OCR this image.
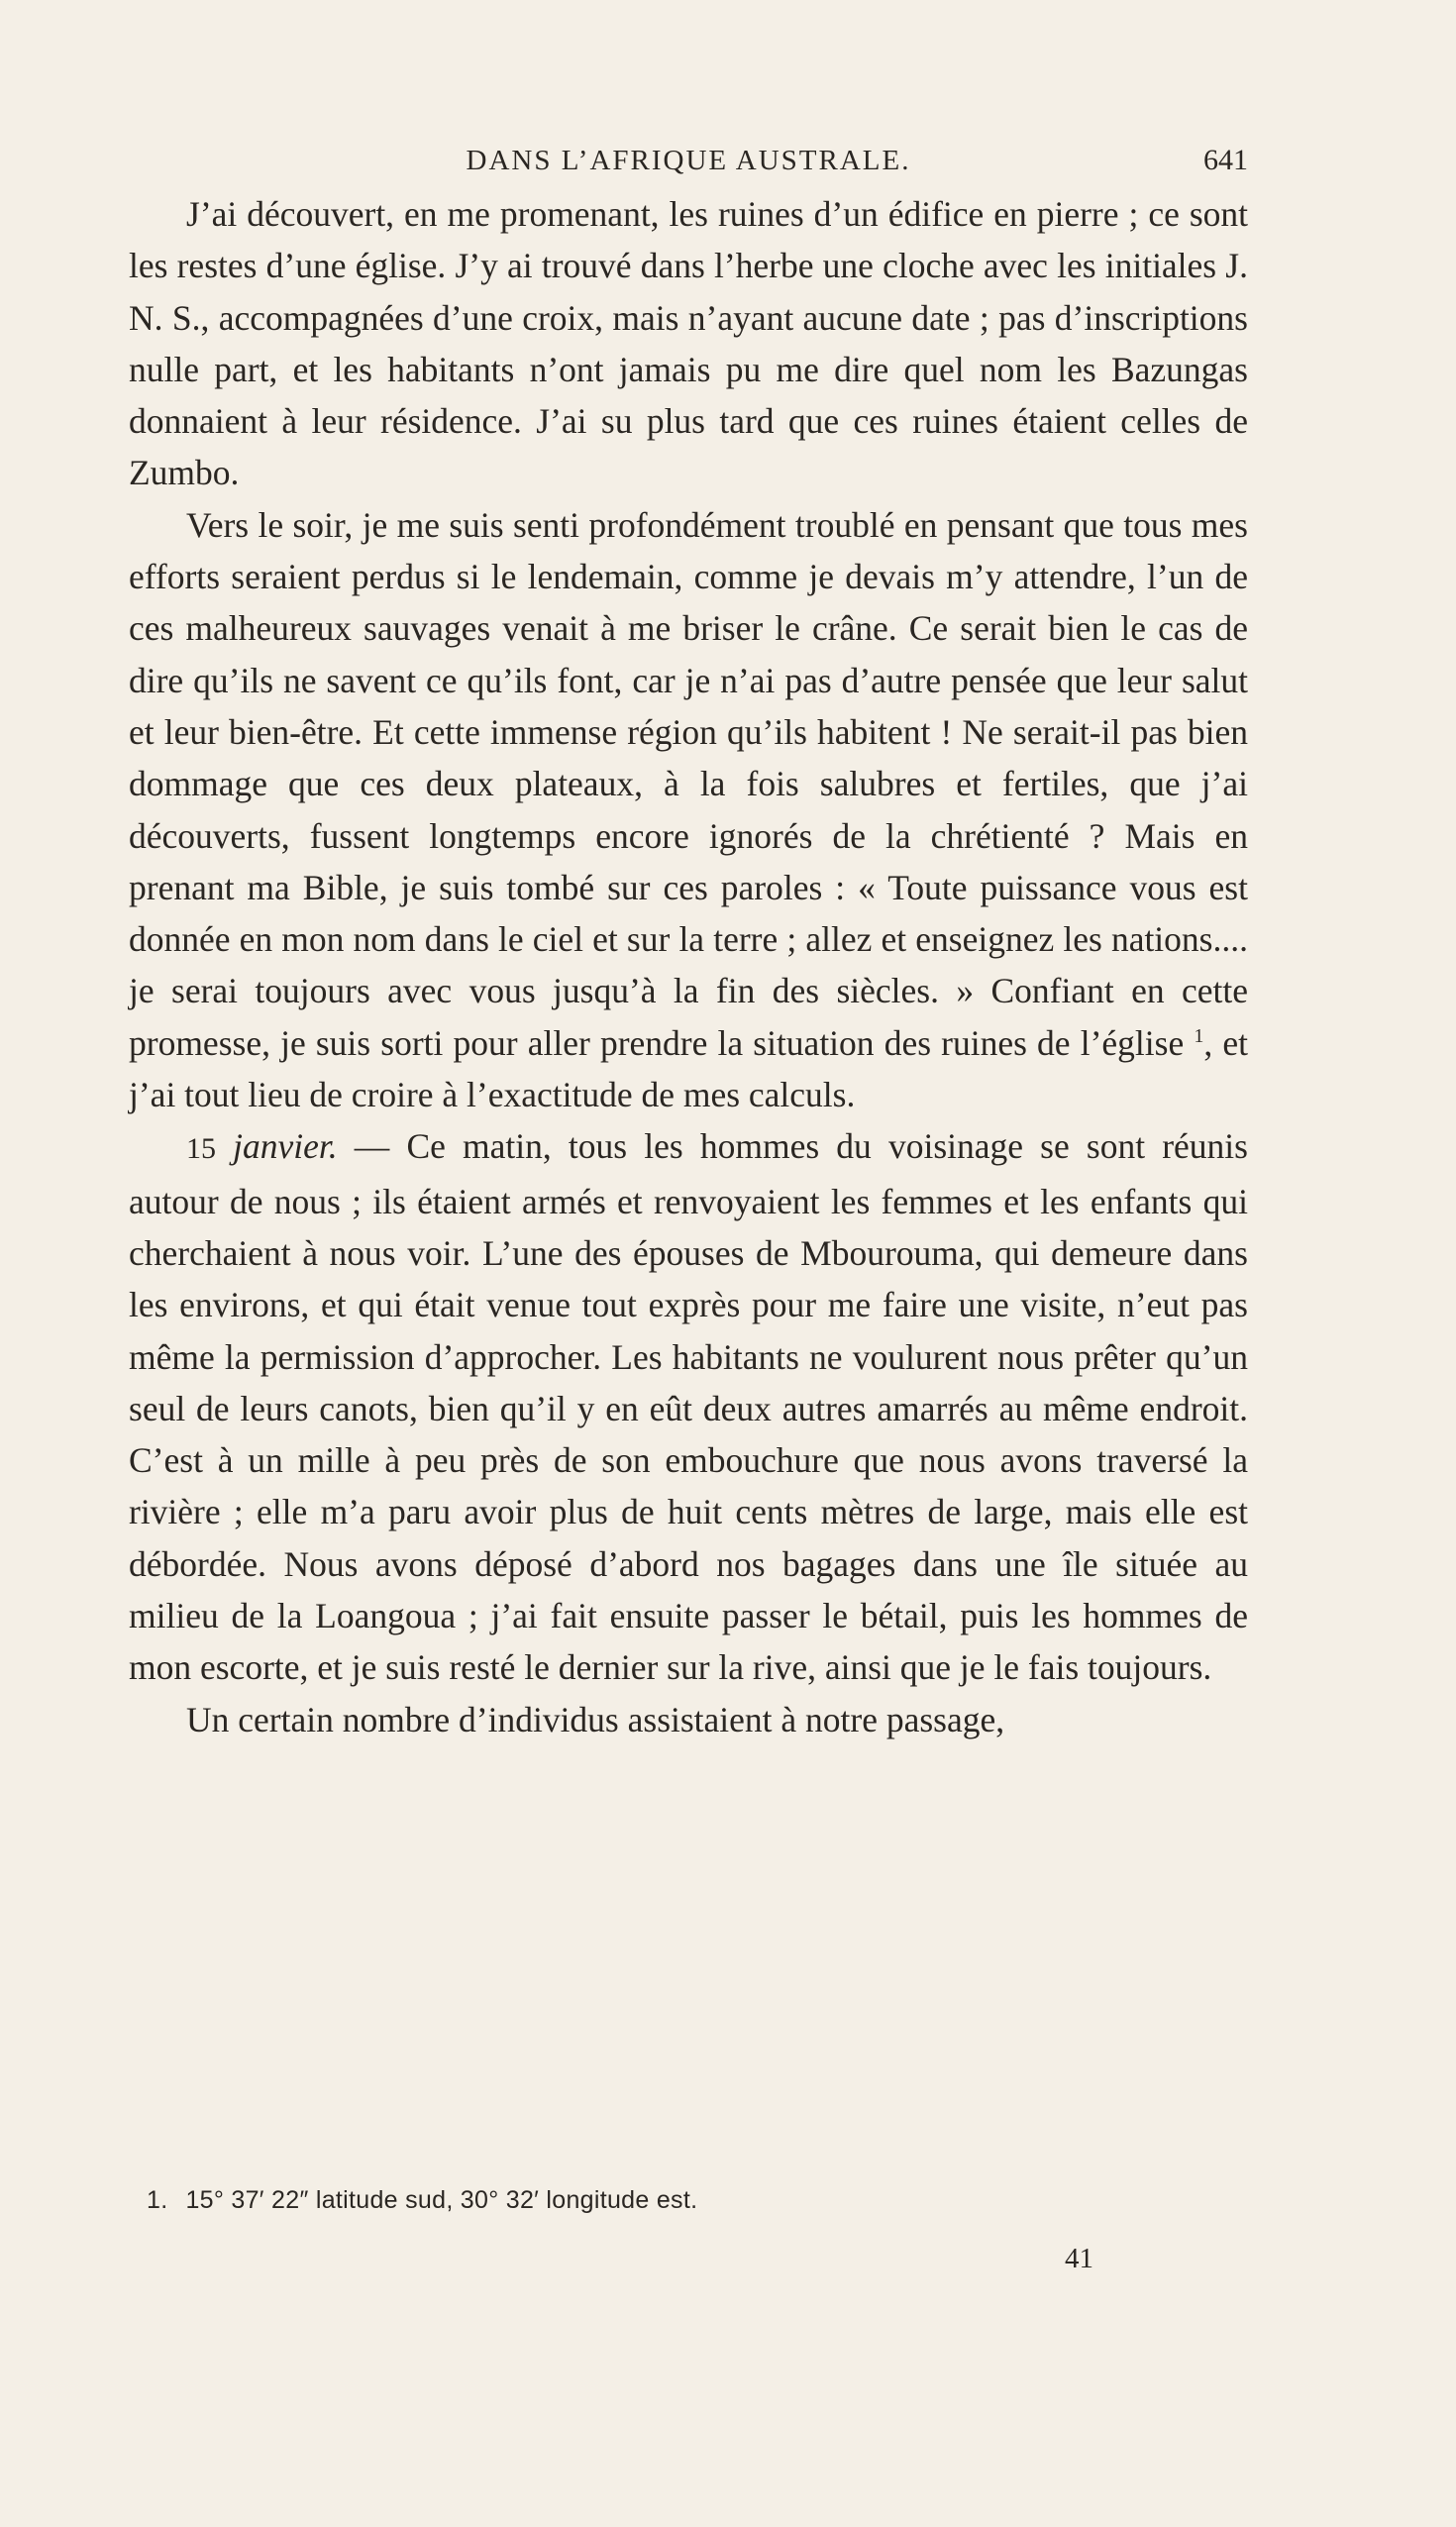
DANS L’AFRIQUE AUSTRALE.	641

J’ai découvert, en me promenant, les ruines d’un édifice en pierre ; ce sont les restes d’une église. J’y ai trouvé dans l’herbe une cloche avec les initiales J. N. S., accompagnées d’une croix, mais n’ayant aucune date ; pas d’inscriptions nulle part, et les habitants n’ont jamais pu me dire quel nom les Bazungas donnaient à leur résidence. J’ai su plus tard que ces ruines étaient celles de Zumbo.

Vers le soir, je me suis senti profondément troublé en pensant que tous mes efforts seraient perdus si le lendemain, comme je devais m’y attendre, l’un de ces malheureux sauvages venait à me briser le crâne. Ce serait bien le cas de dire qu’ils ne savent ce qu’ils font, car je n’ai pas d’autre pensée que leur salut et leur bien-être. Et cette immense région qu’ils habitent ! Ne serait-il pas bien dommage que ces deux plateaux, à la fois salubres et fertiles, que j’ai découverts, fussent longtemps encore ignorés de la chrétienté ? Mais en prenant ma Bible, je suis tombé sur ces paroles : « Toute puissance vous est donnée en mon nom dans le ciel et sur la terre ; allez et enseignez les nations.... je serai toujours avec vous jusqu’à la fin des siècles. » Confiant en cette promesse, je suis sorti pour aller prendre la situation des ruines de l’église $^1$, et j’ai tout lieu de croire à l’exactitude de mes calculs.

15 janvier. — Ce matin, tous les hommes du voisinage se sont réunis autour de nous ; ils étaient armés et renvoyaient les femmes et les enfants qui cherchaient à nous voir. L’une des épouses de Mbourouma, qui demeure dans les environs, et qui était venue tout exprès pour me faire une visite, n’eut pas même la permission d’approcher. Les habitants ne voulurent nous prêter qu’un seul de leurs canots, bien qu’il y en eût deux autres amarrés au même endroit. C’est à un mille à peu près de son embouchure que nous avons traversé la rivière ; elle m’a paru avoir plus de huit cents mètres de large, mais elle est débordée. Nous avons déposé d’abord nos bagages dans une île située au milieu de la Loangoua ; j’ai fait ensuite passer le bétail, puis les hommes de mon escorte, et je suis resté le dernier sur la rive, ainsi que je le fais toujours.

Un certain nombre d’individus assistaient à notre passage,

1. 15° 37′ 22″ latitude sud, 30° 32′ longitude est.
41
